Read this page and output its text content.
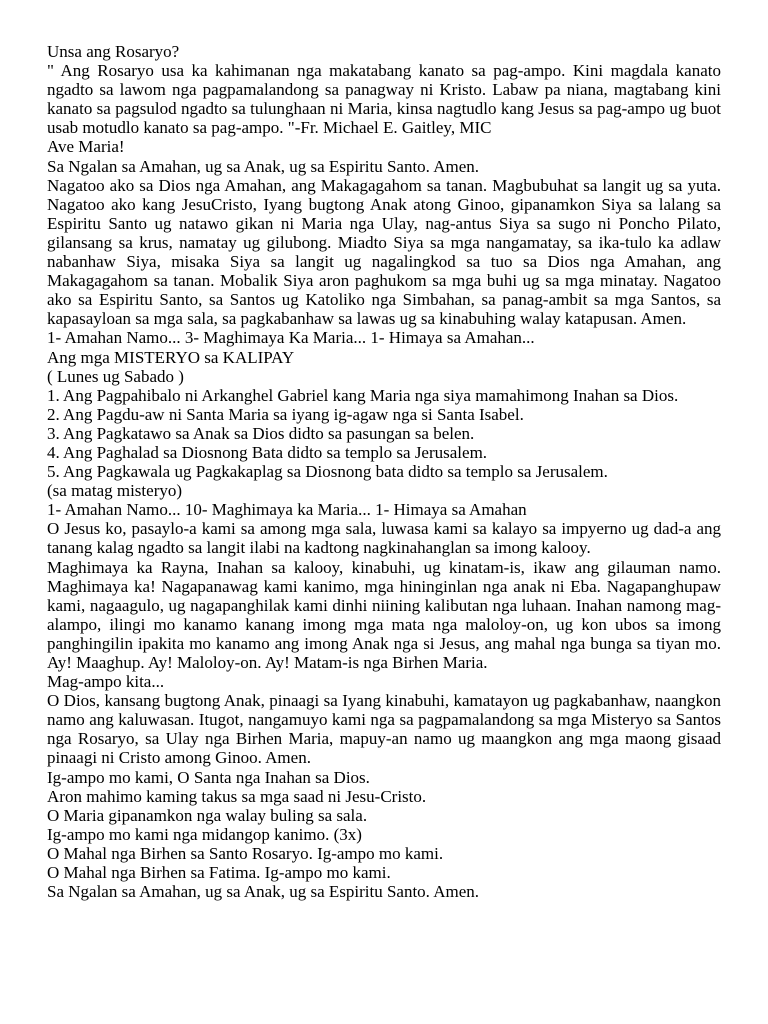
Unsa ang Rosaryo?

" Ang Rosaryo usa ka kahimanan nga makatabang kanato sa pag-ampo. Kini magdala kanato ngadto sa lawom nga pagpamalandong sa panagway ni Kristo. Labaw pa niana, magtabang kini kanato sa pagsulod ngadto sa tulunghaan ni Maria, kinsa nagtudlo kang Jesus sa pag-ampo ug buot usab motudlo kanato sa pag-ampo. "-Fr. Michael E. Gaitley, MIC

Ave Maria!
Sa Ngalan sa Amahan, ug sa Anak, ug sa Espiritu Santo. Amen.

Nagatoo ako sa Dios nga Amahan, ang Makagagahom sa tanan. Magbubuhat sa langit ug sa yuta. Nagatoo ako kang JesuCristo, Iyang bugtong Anak atong Ginoo, gipanamkon Siya sa lalang sa Espiritu Santo ug natawo gikan ni Maria nga Ulay, nag-antus Siya sa sugo ni Poncho Pilato, gilansang sa krus, namatay ug gilubong. Miadto Siya sa mga nangamatay, sa ika-tulo ka adlaw nabanhaw Siya, misaka Siya sa langit ug nagalingkod sa tuo sa Dios nga Amahan, ang Makagagahom sa tanan. Mobalik Siya aron paghukom sa mga buhi ug sa mga minatay. Nagatoo ako sa Espiritu Santo, sa Santos ug Katoliko nga Simbahan, sa panag-ambit sa mga Santos, sa kapasayloan sa mga sala, sa pagkabanhaw sa lawas ug sa kinabuhing walay katapusan. Amen.

1- Amahan Namo... 3- Maghimaya Ka Maria... 1- Himaya sa Amahan...
Ang mga MISTERYO sa KALIPAY
( Lunes ug Sabado )
1. Ang Pagpahibalo ni Arkanghel Gabriel kang Maria nga siya mamahimong Inahan sa Dios.
2. Ang Pagdu-aw ni Santa Maria sa iyang ig-agaw nga si Santa Isabel.
3. Ang Pagkatawo sa Anak sa Dios didto sa pasungan sa belen.
4. Ang Paghalad sa Diosnong Bata didto sa templo sa Jerusalem.
5. Ang Pagkawala ug Pagkakaplag sa Diosnong bata didto sa templo sa Jerusalem.
(sa matag misteryo)
1- Amahan Namo... 10- Maghimaya ka Maria... 1- Himaya sa Amahan

O Jesus ko, pasaylo-a kami sa among mga sala, luwasa kami sa kalayo sa impyerno ug dad-a ang tanang kalag ngadto sa langit ilabi na kadtong nagkinahanglan sa imong kalooy.

Maghimaya ka Rayna, Inahan sa kalooy, kinabuhi, ug kinatam-is, ikaw ang gilauman namo. Maghimaya ka! Nagapanawag kami kanimo, mga hininginlan nga anak ni Eba. Nagapanghupaw kami, nagaagulo, ug nagapanghilak kami dinhi niining kalibutan nga luhaan. Inahan namong mag-alampo, ilingi mo kanamo kanang imong mga mata nga maloloy-on, ug kon ubos sa imong panghingilin ipakita mo kanamo ang imong Anak nga si Jesus, ang mahal nga bunga sa tiyan mo. Ay! Maaghup. Ay! Maloloy-on. Ay! Matam-is nga Birhen Maria.

Mag-ampo kita...

O Dios, kansang bugtong Anak, pinaagi sa Iyang kinabuhi, kamatayon ug pagkabanhaw, naangkon namo ang kaluwasan. Itugot, nangamuyo kami nga sa pagpamalandong sa mga Misteryo sa Santos nga Rosaryo, sa Ulay nga Birhen Maria, mapuy-an namo ug maangkon ang mga maong gisaad pinaagi ni Cristo among Ginoo. Amen.

Ig-ampo mo kami, O Santa nga Inahan sa Dios.
Aron mahimo kaming takus sa mga saad ni Jesu-Cristo.
O Maria gipanamkon nga walay buling sa sala.
Ig-ampo mo kami nga midangop kanimo. (3x)
O Mahal nga Birhen sa Santo Rosaryo. Ig-ampo mo kami.
O Mahal nga Birhen sa Fatima. Ig-ampo mo kami.
Sa Ngalan sa Amahan, ug sa Anak, ug sa Espiritu Santo. Amen.
